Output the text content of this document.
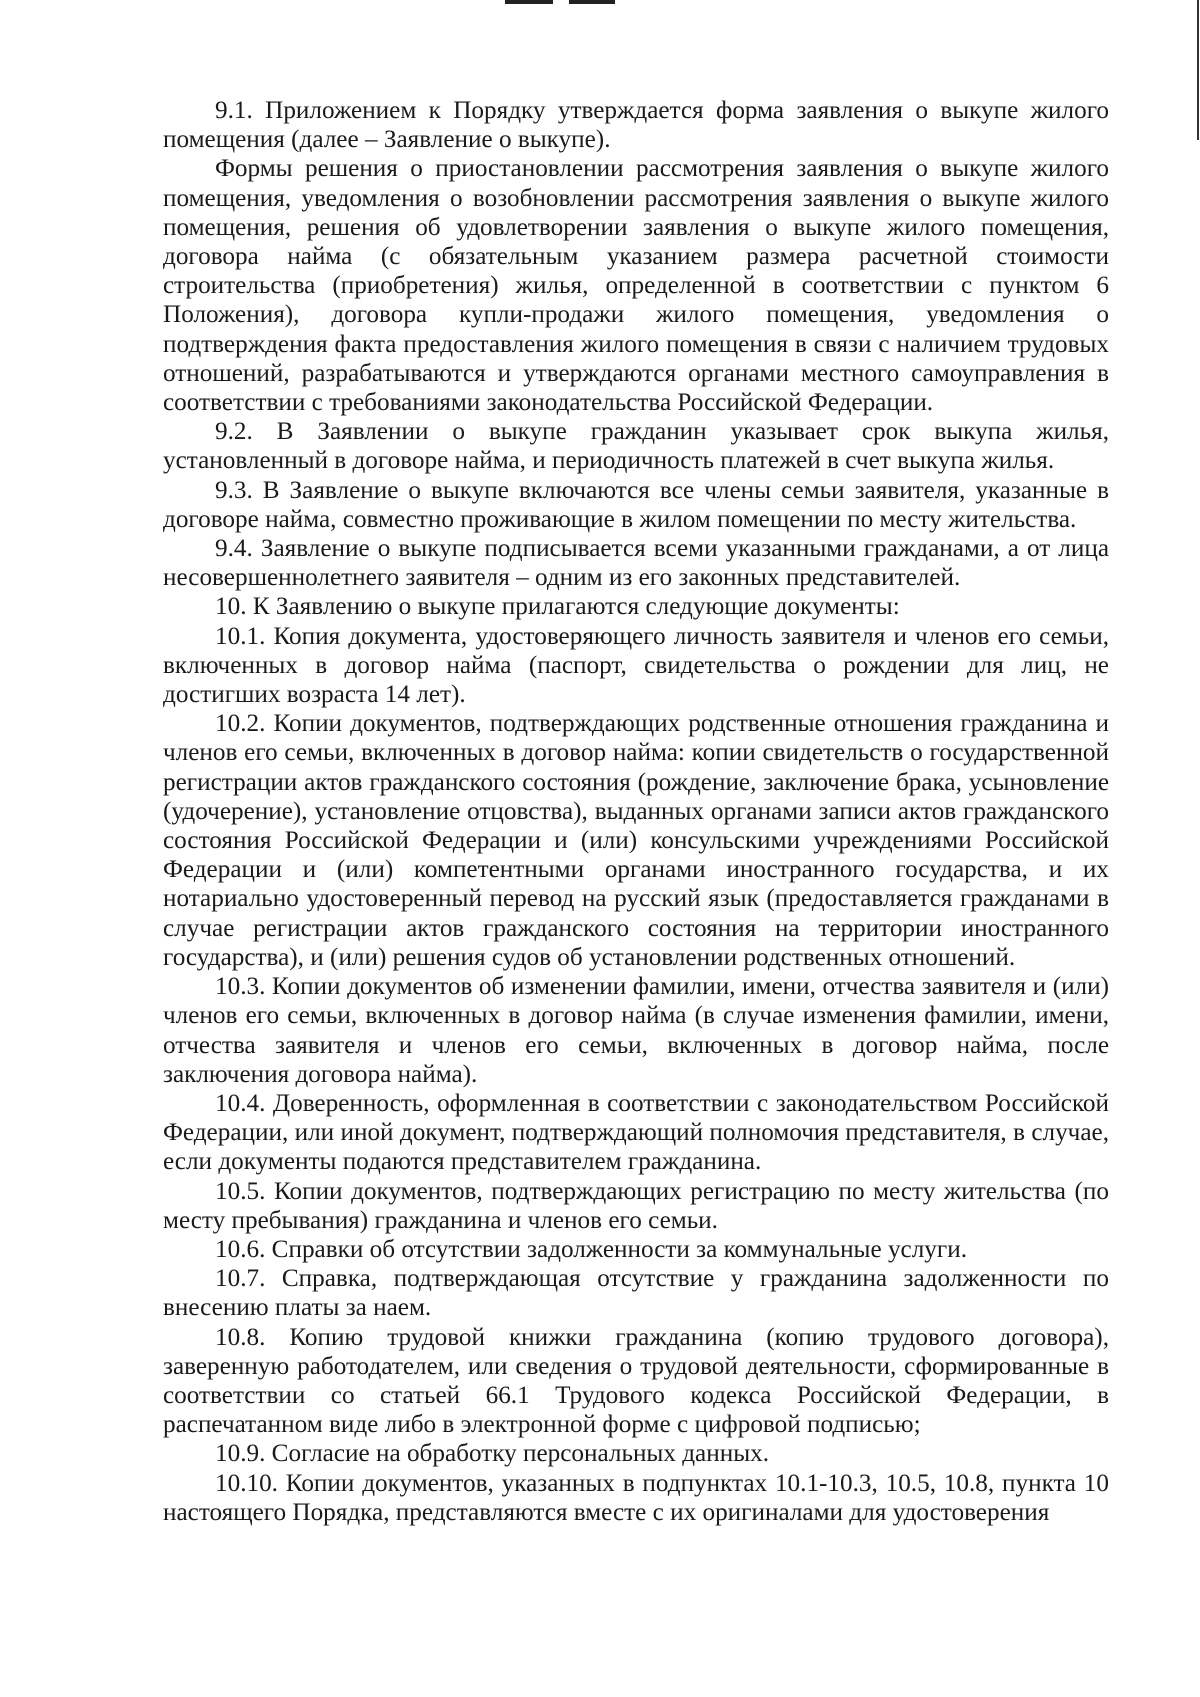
9.1. Приложением к Порядку утверждается форма заявления о выкупе жилого помещения (далее – Заявление о выкупе).

Формы решения о приостановлении рассмотрения заявления о выкупе жилого помещения, уведомления о возобновлении рассмотрения заявления о выкупе жилого помещения, решения об удовлетворении заявления о выкупе жилого помещения, договора найма (с обязательным указанием размера расчетной стоимости строительства (приобретения) жилья, определенной в соответствии с пунктом 6 Положения), договора купли-продажи жилого помещения, уведомления о подтверждения факта предоставления жилого помещения в связи с наличием трудовых отношений, разрабатываются и утверждаются органами местного самоуправления в соответствии с требованиями законодательства Российской Федерации.

9.2. В Заявлении о выкупе гражданин указывает срок выкупа жилья, установленный в договоре найма, и периодичность платежей в счет выкупа жилья.

9.3. В Заявление о выкупе включаются все члены семьи заявителя, указанные в договоре найма, совместно проживающие в жилом помещении по месту жительства.

9.4. Заявление о выкупе подписывается всеми указанными гражданами, а от лица несовершеннолетнего заявителя – одним из его законных представителей.

10. К Заявлению о выкупе прилагаются следующие документы:

10.1. Копия документа, удостоверяющего личность заявителя и членов его семьи, включенных в договор найма (паспорт, свидетельства о рождении для лиц, не достигших возраста 14 лет).

10.2. Копии документов, подтверждающих родственные отношения гражданина и членов его семьи, включенных в договор найма: копии свидетельств о государственной регистрации актов гражданского состояния (рождение, заключение брака, усыновление (удочерение), установление отцовства), выданных органами записи актов гражданского состояния Российской Федерации и (или) консульскими учреждениями Российской Федерации и (или) компетентными органами иностранного государства, и их нотариально удостоверенный перевод на русский язык (предоставляется гражданами в случае регистрации актов гражданского состояния на территории иностранного государства), и (или) решения судов об установлении родственных отношений.

10.3. Копии документов об изменении фамилии, имени, отчества заявителя и (или) членов его семьи, включенных в договор найма (в случае изменения фамилии, имени, отчества заявителя и членов его семьи, включенных в договор найма, после заключения договора найма).

10.4. Доверенность, оформленная в соответствии с законодательством Российской Федерации, или иной документ, подтверждающий полномочия представителя, в случае, если документы подаются представителем гражданина.

10.5. Копии документов, подтверждающих регистрацию по месту жительства (по месту пребывания) гражданина и членов его семьи.

10.6. Справки об отсутствии задолженности за коммунальные услуги.

10.7. Справка, подтверждающая отсутствие у гражданина задолженности по внесению платы за наем.

10.8. Копию трудовой книжки гражданина (копию трудового договора), заверенную работодателем, или сведения о трудовой деятельности, сформированные в соответствии со статьей 66.1 Трудового кодекса Российской Федерации, в распечатанном виде либо в электронной форме с цифровой подписью;

10.9. Согласие на обработку персональных данных.

10.10. Копии документов, указанных в подпунктах 10.1-10.3, 10.5, 10.8, пункта 10 настоящего Порядка, представляются вместе с их оригиналами для удостоверения
